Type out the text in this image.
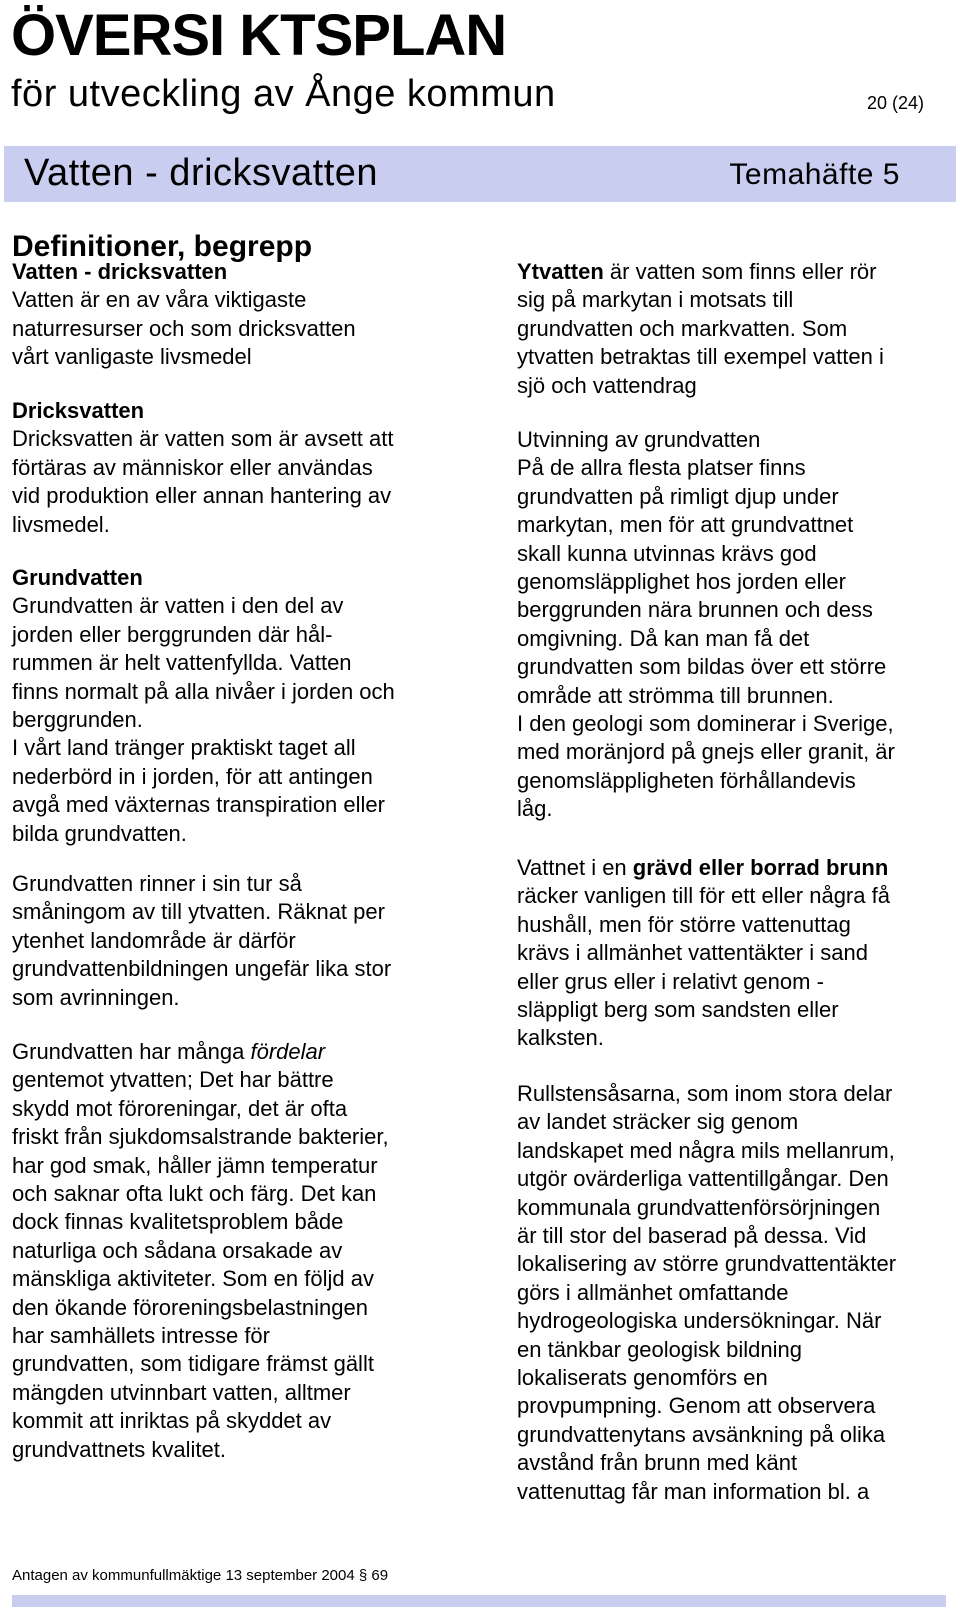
ÖVERSI KTSPLAN
för utveckling av Ånge kommun	20 (24)
Vatten - dricksvatten	Temahäfte 5
Definitioner, begrepp
Vatten - dricksvatten
Vatten är en av våra viktigaste
naturresurser och som dricksvatten
vårt vanligaste livsmedel
Dricksvatten
Dricksvatten är vatten som är avsett att
förtäras av människor eller användas
vid produktion eller annan hantering av
livsmedel.
Grundvatten
Grundvatten är vatten i den del av
jorden eller berggrunden där hål-
rummen är helt vattenfyllda. Vatten
finns normalt på alla nivåer i jorden och
berggrunden.
I vårt land tränger praktiskt taget all
nederbörd in i jorden, för att antingen
avgå med växternas transpiration eller
bilda grundvatten.
Grundvatten rinner i sin tur så
småningom av till ytvatten. Räknat per
ytenhet landområde är därför
grundvattenbildningen ungefär lika stor
som avrinningen.
Grundvatten har många fördelar
gentemot ytvatten; Det har bättre
skydd mot föroreningar, det är ofta
friskt från sjukdomsalstrande bakterier,
har god smak, håller jämn temperatur
och saknar ofta lukt och färg. Det kan
dock finnas kvalitetsproblem både
naturliga och sådana orsakade av
mänskliga aktiviteter. Som en följd av
den ökande föroreningsbelastningen
har samhällets intresse för
grundvatten, som tidigare främst gällt
mängden utvinnbart vatten, alltmer
kommit att inriktas på skyddet av
grundvattnets kvalitet.
Ytvatten är vatten som finns eller rör
sig på markytan i motsats till
grundvatten och markvatten. Som
ytvatten betraktas till exempel vatten i
sjö och vattendrag
Utvinning av grundvatten
På de allra flesta platser finns
grundvatten på rimligt djup under
markytan, men för att grundvattnet
skall kunna utvinnas krävs god
genomsläpplighet hos jorden eller
berggrunden nära brunnen och dess
omgivning. Då kan man få det
grundvatten som bildas över ett större
område att strömma till brunnen.
I den geologi som dominerar i Sverige,
med moränjord på gnejs eller granit, är
genomsläppligheten förhållandevis
låg.
Vattnet i en grävd eller borrad brunn
räcker vanligen till för ett eller några få
hushåll, men för större vattenuttag
krävs i allmänhet vattentäkter i sand
eller grus eller i relativt genom -
släppligt berg som sandsten eller
kalksten.
Rullstensåsarna, som inom stora delar
av landet sträcker sig genom
landskapet med några mils mellanrum,
utgör ovärderliga vattentillgångar. Den
kommunala grundvattenförsörjningen
är till stor del baserad på dessa. Vid
lokalisering av större grundvattentäkter
görs i allmänhet omfattande
hydrogeologiska undersökningar. När
en tänkbar geologisk bildning
lokaliserats genomförs en
provpumpning. Genom att observera
grundvattenytans avsänkning på olika
avstånd från brunn med känt
vattenuttag får man information bl. a
Antagen av kommunfullmäktige 13 september 2004 § 69
